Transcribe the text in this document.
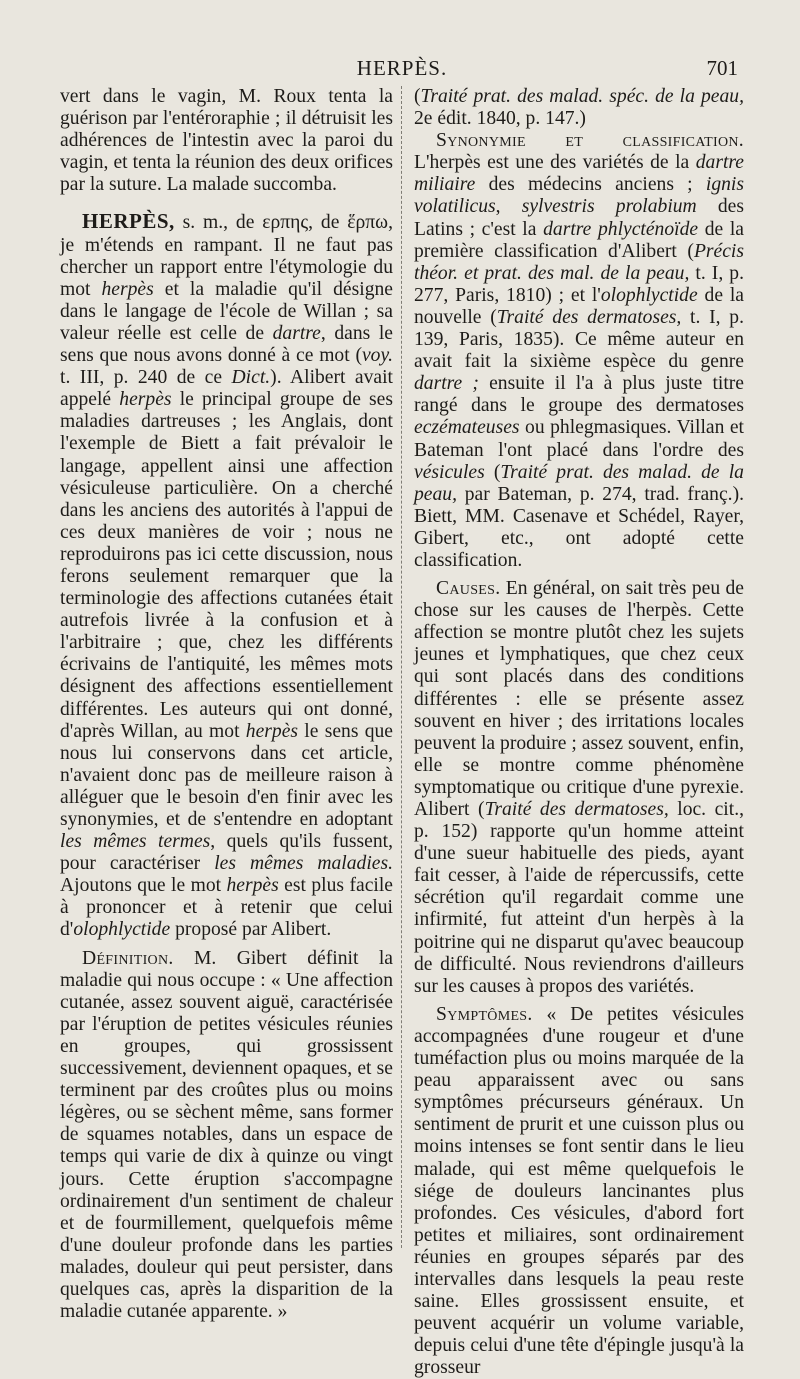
HERPÈS.	701

vert dans le vagin, M. Roux tenta la guérison par l'entéroraphie ; il détruisit les adhérences de l'intestin avec la paroi du vagin, et tenta la réunion des deux orifices par la suture. La malade succomba.

HERPÈS, s. m., de ερπης, de ἕρπω, je m'étends en rampant. Il ne faut pas chercher un rapport entre l'étymologie du mot herpès et la maladie qu'il désigne dans le langage de l'école de Willan ; sa valeur réelle est celle de dartre, dans le sens que nous avons donné à ce mot (voy. t. III, p. 240 de ce Dict.). Alibert avait appelé herpès le principal groupe de ses maladies dartreuses ; les Anglais, dont l'exemple de Biett a fait prévaloir le langage, appellent ainsi une affection vésiculeuse particulière. On a cherché dans les anciens des autorités à l'appui de ces deux manières de voir ; nous ne reproduirons pas ici cette discussion, nous ferons seulement remarquer que la terminologie des affections cutanées était autrefois livrée à la confusion et à l'arbitraire ; que, chez les différents écrivains de l'antiquité, les mêmes mots désignent des affections essentiellement différentes. Les auteurs qui ont donné, d'après Willan, au mot herpès le sens que nous lui conservons dans cet article, n'avaient donc pas de meilleure raison à alléguer que le besoin d'en finir avec les synonymies, et de s'entendre en adoptant les mêmes termes, quels qu'ils fussent, pour caractériser les mêmes maladies. Ajoutons que le mot herpès est plus facile à prononcer et à retenir que celui d'olophlyctide proposé par Alibert.

Définition. M. Gibert définit la maladie qui nous occupe : « Une affection cutanée, assez souvent aiguë, caractérisée par l'éruption de petites vésicules réunies en groupes, qui grossissent successivement, deviennent opaques, et se terminent par des croûtes plus ou moins légères, ou se sèchent même, sans former de squames notables, dans un espace de temps qui varie de dix à quinze ou vingt jours. Cette éruption s'accompagne ordinairement d'un sentiment de chaleur et de fourmillement, quelquefois même d'une douleur profonde dans les parties malades, douleur qui peut persister, dans quelques cas, après la disparition de la maladie cutanée apparente. »

(Traité prat. des malad. spéc. de la peau, 2e édit. 1840, p. 147.)

Synonymie et classification. L'herpès est une des variétés de la dartre miliaire des médecins anciens ; ignis volatilicus, sylvestris prolabium des Latins ; c'est la dartre phlycténoïde de la première classification d'Alibert (Précis théor. et prat. des mal. de la peau, t. I, p. 277, Paris, 1810) ; et l'olophlyctide de la nouvelle (Traité des dermatoses, t. I, p. 139, Paris, 1835). Ce même auteur en avait fait la sixième espèce du genre dartre ; ensuite il l'a à plus juste titre rangé dans le groupe des dermatoses eczémateuses ou phlegmasiques. Villan et Bateman l'ont placé dans l'ordre des vésicules (Traité prat. des malad. de la peau, par Bateman, p. 274, trad. franç.). Biett, MM. Casenave et Schédel, Rayer, Gibert, etc., ont adopté cette classification.

Causes. En général, on sait très peu de chose sur les causes de l'herpès. Cette affection se montre plutôt chez les sujets jeunes et lymphatiques, que chez ceux qui sont placés dans des conditions différentes : elle se présente assez souvent en hiver ; des irritations locales peuvent la produire ; assez souvent, enfin, elle se montre comme phénomène symptomatique ou critique d'une pyrexie. Alibert (Traité des dermatoses, loc. cit., p. 152) rapporte qu'un homme atteint d'une sueur habituelle des pieds, ayant fait cesser, à l'aide de répercussifs, cette sécrétion qu'il regardait comme une infirmité, fut atteint d'un herpès à la poitrine qui ne disparut qu'avec beaucoup de difficulté. Nous reviendrons d'ailleurs sur les causes à propos des variétés.

Symptômes. « De petites vésicules accompagnées d'une rougeur et d'une tuméfaction plus ou moins marquée de la peau apparaissent avec ou sans symptômes précurseurs généraux. Un sentiment de prurit et une cuisson plus ou moins intenses se font sentir dans le lieu malade, qui est même quelquefois le siége de douleurs lancinantes plus profondes. Ces vésicules, d'abord fort petites et miliaires, sont ordinairement réunies en groupes séparés par des intervalles dans lesquels la peau reste saine. Elles grossissent ensuite, et peuvent acquérir un volume variable, depuis celui d'une tête d'épingle jusqu'à la grosseur
